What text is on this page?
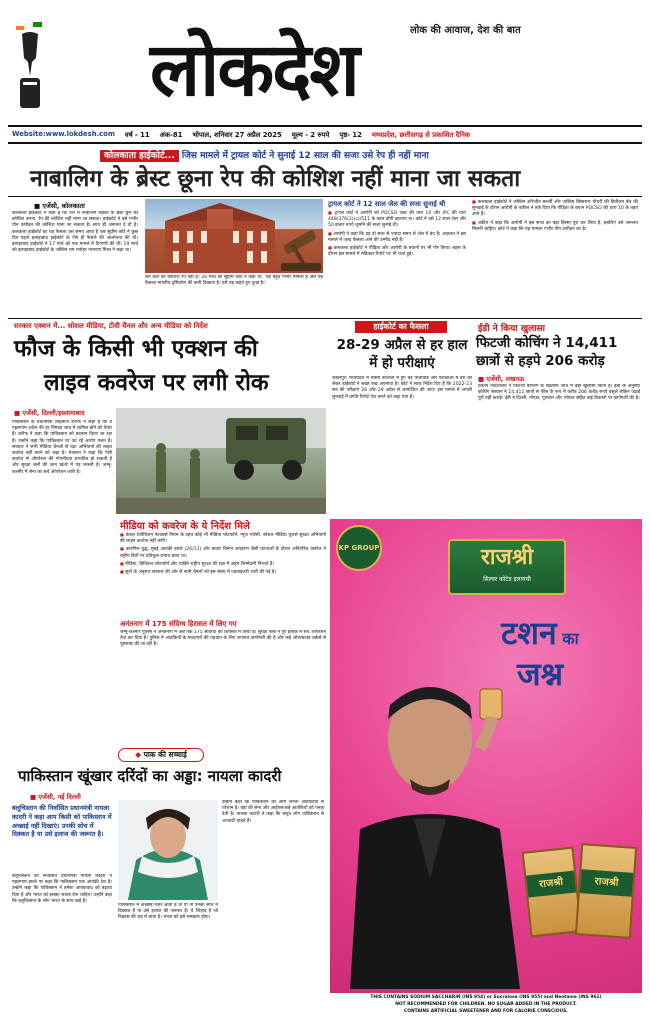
लोक की आवाज, देश की बात
लोकदेश
Website:www.lokdesh.com वर्ष - 11 अंक-81 भोपाल, शनिवार 27 अप्रैल 2025 मूल्य - 2 रुपये पृष्ठ- 12 मध्यप्रदेश, छत्तीसगढ़ से प्रकाशित दैनिक
कोलकाता हाईकोर्ट... जिस मामले में ट्रायल कोर्ट ने सुनाई 12 साल की सजा उसे रेप ही नहीं माना
नाबालिग के ब्रेस्ट छूना रेप की कोशिश नहीं माना जा सकता
■ एजेंसी, कोलकाता
कलकत्ता हाईकोर्ट ने कहा है कि नशे में नाबालिग लड़की के ब्रेस्ट छूने की कोशिश करना, रेप की कोशिश नहीं माना जा सकता। हाईकोर्ट ने इसे गंभीर यौन उत्पीड़न की कोशिश माना जा सकता है। साथ ही जमानत दे दी है। कलकत्ता हाईकोर्ट का यह फैसला उस समय आया है जब सुप्रीम कोर्ट ने कुछ दिन पहले इलाहाबाद हाईकोर्ट के ऐसे ही फैसले की आलोचना की थी। इलाहाबाद हाईकोर्ट ने 17 मार्च को एक मामले में टिप्पणी की थी। 19 मार्च को इलाहाबाद हाईकोर्ट के जस्टिस राम मनोहर नारायण मिश्रा ने कहा था।
लेने वाले को कोशिश रेप नहीं है। 26 मार्च को सुप्रीम कोर्ट ने कहा था, 'यह बहुत गंभीर मामला है और यह फैसला मानवीय दृष्टिकोण की कमी दिखाता है। हमें यह कहते हुए दुःख है।'
ट्रायल कोर्ट ने 12 साल जेल की सजा सुनाई थी

■ ट्रायल कोर्ट ने आरोपी को POCSO एक्ट की धारा 10 और IPC की धारा 448/376(2)(c)/511 के तहत दोषी ठहराया था। कोर्ट ने उसे 12 साल जेल और 50 हजार रुपये जुर्माने की सजा सुनाई थी।

■ आरोपी ने कहा कि वह दो साल से ज्यादा समय से जेल में बंद है। अदालत ने इस मामले में जल्द फैसला आने की उम्मीद नहीं है।

■ कलकत्ता हाईकोर्ट ने पीड़िता और आरोपी के बयानों पर भी गौर किया। बहस के दौरान इस मामले में मेडिकल रिपोर्ट पर भी चर्चा हुई।

■ कलकत्ता हाईकोर्ट ने जस्टिस अरिजीत बनर्जी और जस्टिस बिस्वरूप चौधरी की डिवीजन बेंच की सुनवाई के दौरान आरोपी के वकील ने तर्क दिया कि पीड़िता के बयान POCSO की धारा 10 के तहत आते हैं।

■ वकील ने कहा कि आरोपी ने इस सजा का बड़ा हिस्सा पूरा कर लिया है, इसलिए उसे जमानत मिलनी चाहिए। कोर्ट ने कहा कि यह मामला गंभीर यौन उत्पीड़न का है।

सरकार एक्शन में... सोशल मीडिया, टीवी चैनल और अन्य मीडिया को निर्देश
फौज के किसी भी एक्शन की
लाइव कवरेज पर लगी रोक
■ एजेंसी, दिल्ली/इस्लामाबाद
पाकिस्तान के प्रधानमंत्री शाहबाज शरीफ ने कहा है कि वे पहलगाम अटैक की हर निष्पक्ष जांच में शामिल होने को तैयार हैं। शरीफ ने कहा कि पाकिस्तान को बदनाम किया जा रहा है। उन्होंने कहा कि पाकिस्तान पर उठ रहे आरोप गलत हैं। सरकार ने सभी मीडिया चैनलों से रक्षा अभियानों की लाइव कवरेज नहीं करने को कहा है। मंत्रालय ने कहा कि ऐसी कवरेज से ऑपरेशन की गोपनीयता प्रभावित हो सकती है और सुरक्षा बलों की जान खतरे में पड़ सकती है। जम्मू-कश्मीर में सेना का सर्च ऑपरेशन जारी है।
मीडिया को कवरेज के ये निर्देश मिले

■ केबल टेलीविजन नेटवर्क्स नियम के तहत कोई भी मीडिया प्लेटफॉर्म, न्यूज एजेंसी, सोशल मीडिया यूजर्स सुरक्षा अभियानों की लाइव कवरेज नहीं करेंगे।

■ कारगिल युद्ध, मुंबई आतंकी हमले (26/11) और कंधार विमान अपहरण जैसी घटनाओं के दौरान अनियंत्रित कवरेज ने राष्ट्रीय हितों पर प्रतिकूल प्रभाव डाला था।

■ मीडिया, डिजिटल प्लेटफॉर्म और व्यक्ति राष्ट्रीय सुरक्षा की रक्षा में अहम जिम्मेदारी निभाते हैं।

■ सूत्रों के अनुसार सरकार की ओर से सभी चैनलों को इस संबंध में एडवाइजरी जारी की गई है।

अनंतनाग में 175 संदिग्ध हिरासत में लिए गए
जम्मू-कश्मीर पुलिस ने अनंतनाग में अब तक 175 संदिग्धों को हिरासत में लिया है। सुरक्षा बलों ने पूरे इलाके में सर्च ऑपरेशन तेज कर दिया है। पुलिस ने आतंकियों के मददगारों की पहचान के लिए लगातार छापेमारी की है और कई ओवरग्राउंड वर्कर्स से पूछताछ की जा रही है।
हाईकोर्ट का फैसला
28-29 अप्रैल से हर हाल में हो परीक्षाएं
जबलपुर। मध्यप्रदेश में नर्सिंग कॉलेजों में हुए बड़े फर्जीवाड़े और परीक्षाओं में देरी को लेकर हाईकोर्ट ने सख्त रुख अपनाया है। कोर्ट ने साफ निर्देश दिए हैं कि 2022-23 सत्र की परीक्षाएं 28 और 29 अप्रैल से आयोजित की जाएं। इस मामले में अगली सुनवाई में प्रगति रिपोर्ट पेश करने को कहा गया है।
ईडी ने किया खुलासा
फिटजी कोचिंग ने 14,411 छात्रों से हड़पे 206 करोड़
■ एजेंसी, लखनऊ
प्रवर्तन निदेशालय ने फिटजी कोचिंग के खिलाफ जांच में बड़ा खुलासा किया है। ईडी के अनुसार कोचिंग संस्थान ने 14,411 छात्रों से फीस के रूप में करीब 206 करोड़ रुपये वसूले लेकिन पढ़ाई पूरी नहीं कराई। ईडी ने दिल्ली, नोएडा, गुरुग्राम और भोपाल सहित कई ठिकानों पर छापेमारी की है।
KP GROUP	राजश्री
सिल्वर कोटेड इलायची
टशन का
जश्न
राजश्री	राजश्री
THIS CONTAINS SODIUM SACCHARIN (INS 954) or Sucralose (INS 955) and Neotame (INS 961)
NOT RECOMMENDED FOR CHILDREN. NO SUGAR ADDED IN THE PRODUCT.
CONTAINS ARTIFICIAL SWEETENER AND FOR CALORIE CONSCIOUS.
◆ पाक की सच्चाई
पाकिस्तान खूंखार दरिंदों का अड्डा: नायला कादरी
■ एजेंसी, नई दिल्ली
बलूचिस्तान की निर्वासित प्रधानमंत्री नायला कादरी ने कहा आप किसी को पाकिस्तान में अच्छाई नहीं दिखाएं। उनकी सोच में दिक्कत है या उसे इलाज की जरूरत है।
बलूचिस्तान की निर्वासित प्रधानमंत्री नायला कादरी ने पहलगाम हमले पर कहा कि पाकिस्तान एक आतंकी देश है। उन्होंने कहा कि पाकिस्तान ने हमेशा आतंकवाद को बढ़ावा दिया है और भारत को इसका जवाब देना चाहिए। उन्होंने कहा कि बलूचिस्तान के लोग भारत के साथ खड़े हैं।
पाकिस्तान में अच्छाई नजर आती है तो या तो उनकी सोच में दिक्कत है या उसे इलाज की जरूरत है। ये जिहाद है जो विकास की राह में बाधा है। भारत को इसे समझना होगा।
उन्होंने कहा कि पाकिस्तान की आम जनता आतंकवाद से परेशान है। वहां की सेना और आईएसआई आतंकियों को पनाह देती है। नायला कादरी ने कहा कि बलूच लोग पाकिस्तान से आजादी चाहते हैं।
